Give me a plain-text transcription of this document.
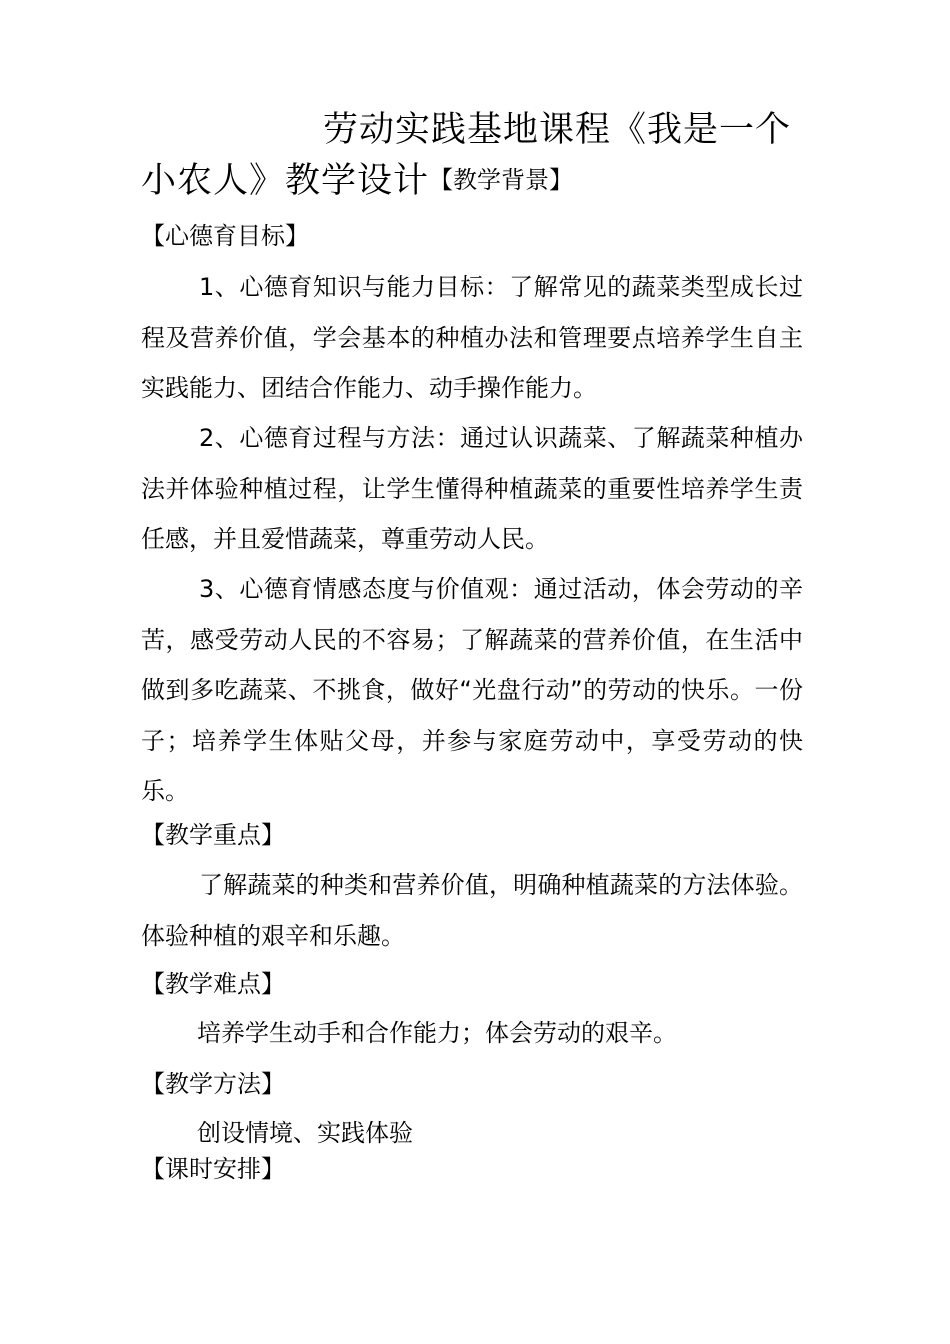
劳动实践基地课程《我是一个
小农人》教学设计【教学背景】
【心德育目标】
1、心德育知识与能力目标：了解常见的蔬菜类型成长过程及营养价值，学会基本的种植办法和管理要点培养学生自主实践能力、团结合作能力、动手操作能力。
2、心德育过程与方法：通过认识蔬菜、了解蔬菜种植办法并体验种植过程，让学生懂得种植蔬菜的重要性培养学生责任感，并且爱惜蔬菜，尊重劳动人民。
3、心德育情感态度与价值观：通过活动，体会劳动的辛苦，感受劳动人民的不容易；了解蔬菜的营养价值，在生活中做到多吃蔬菜、不挑食，做好“光盘行动”的劳动的快乐。一份子；培养学生体贴父母，并参与家庭劳动中，享受劳动的快乐。
【教学重点】
了解蔬菜的种类和营养价值，明确种植蔬菜的方法体验。体验种植的艰辛和乐趣。
【教学难点】
培养学生动手和合作能力；体会劳动的艰辛。
【教学方法】
创设情境、实践体验
【课时安排】
